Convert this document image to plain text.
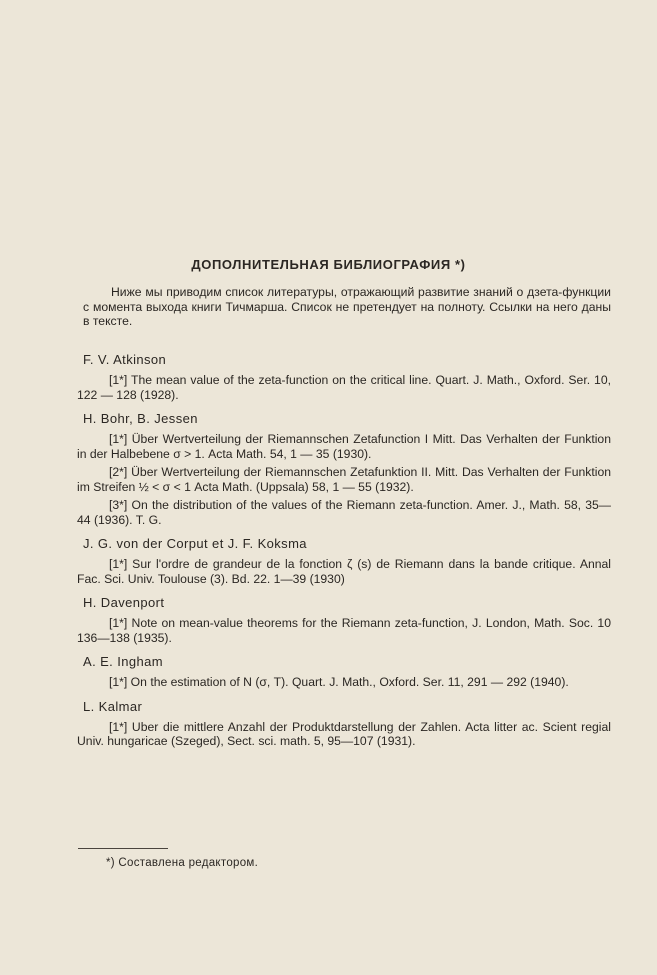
ДОПОЛНИТЕЛЬНАЯ БИБЛИОГРАФИЯ *)
Ниже мы приводим список литературы, отражающий развитие знаний о дзета-функции с момента выхода книги Тичмарша. Список не претендует на полноту. Ссылки на него даны в тексте.
F. V. Atkinson
[1*] The mean value of the zeta-function on the critical line. Quart. J. Math., Oxford. Ser. 10, 122 — 128 (1928).
H. Bohr, B. Jessen
[1*] Über Wertverteilung der Riemannschen Zetafunction I Mitt. Das Verhalten der Funktion in der Halbebene σ > 1. Acta Math. 54, 1 — 35 (1930).
[2*] Über Wertverteilung der Riemannschen Zetafunktion II. Mitt. Das Verhalten der Funktion im Streifen ½ < σ < 1 Acta Math. (Uppsala) 58, 1 — 55 (1932).
[3*] On the distribution of the values of the Riemann zeta-function. Amer. J., Math. 58, 35—44 (1936). T. G.
J. G. von der Corput et J. F. Koksma
[1*] Sur l'ordre de grandeur de la fonction ζ (s) de Riemann dans la bande critique. Annal Fac. Sci. Univ. Toulouse (3). Bd. 22. 1—39 (1930)
H. Davenport
[1*] Note on mean-value theorems for the Riemann zeta-function, J. London, Math. Soc. 10 136—138 (1935).
A. E. Ingham
[1*] On the estimation of N (σ, T). Quart. J. Math., Oxford. Ser. 11, 291 — 292 (1940).
L. Kalmar
[1*] Uber die mittlere Anzahl der Produktdarstellung der Zahlen. Acta litter ac. Scient regial Univ. hungaricae (Szeged), Sect. sci. math. 5, 95—107 (1931).
*) Составлена редактором.
